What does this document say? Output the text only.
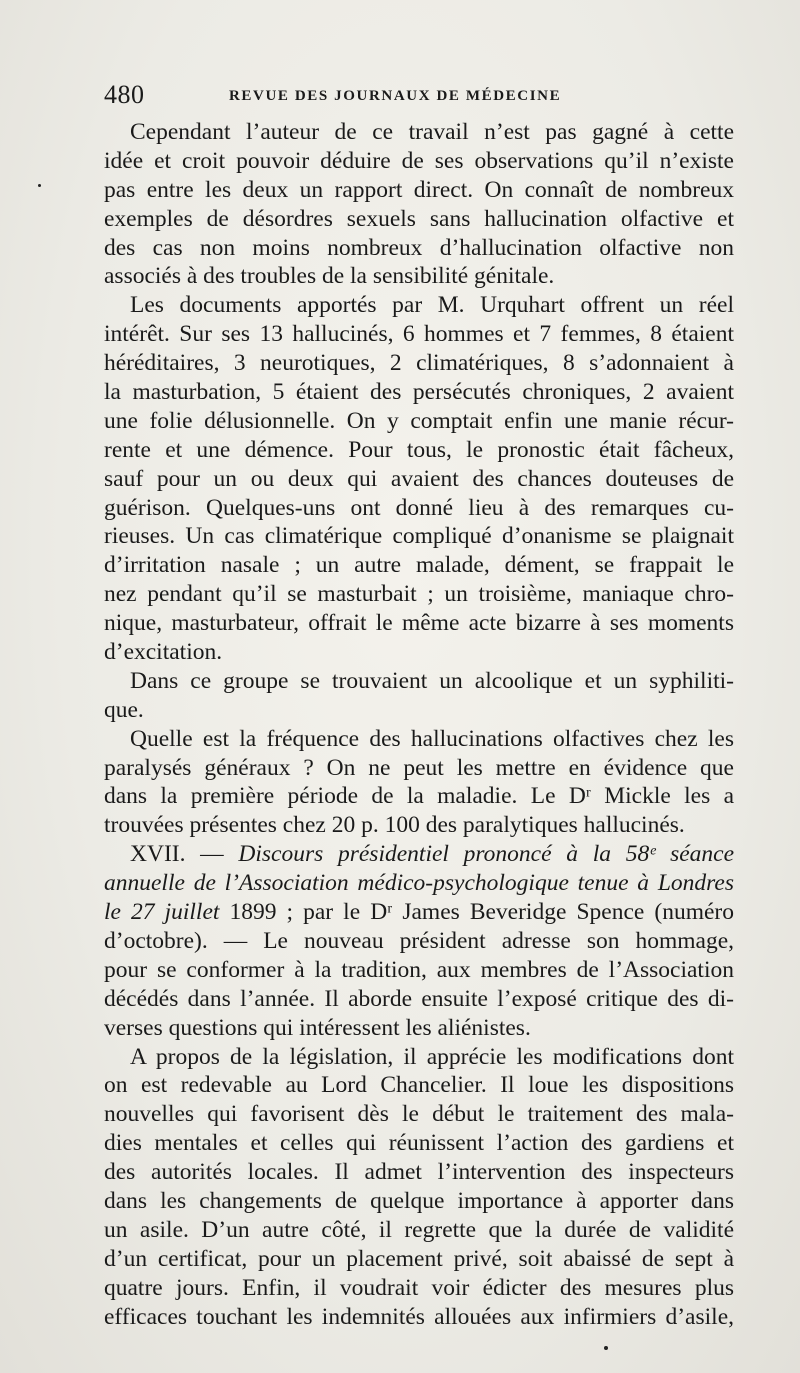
480	REVUE DES JOURNAUX DE MÉDECINE
Cependant l’auteur de ce travail n’est pas gagné à cette
idée et croit pouvoir déduire de ses observations qu’il n’existe
pas entre les deux un rapport direct. On connaît de nombreux
exemples de désordres sexuels sans hallucination olfactive et
des cas non moins nombreux d’hallucination olfactive non
associés à des troubles de la sensibilité génitale.
Les documents apportés par M. Urquhart offrent un réel
intérêt. Sur ses 13 hallucinés, 6 hommes et 7 femmes, 8 étaient
héréditaires, 3 neurotiques, 2 climatériques, 8 s’adonnaient à
la masturbation, 5 étaient des persécutés chroniques, 2 avaient
une folie délusionnelle. On y comptait enfin une manie récur-
rente et une démence. Pour tous, le pronostic était fâcheux,
sauf pour un ou deux qui avaient des chances douteuses de
guérison. Quelques-uns ont donné lieu à des remarques cu-
rieuses. Un cas climatérique compliqué d’onanisme se plaignait
d’irritation nasale ; un autre malade, dément, se frappait le
nez pendant qu’il se masturbait ; un troisième, maniaque chro-
nique, masturbateur, offrait le même acte bizarre à ses moments
d’excitation.
Dans ce groupe se trouvaient un alcoolique et un syphiliti-
que.
Quelle est la fréquence des hallucinations olfactives chez les
paralysés généraux ? On ne peut les mettre en évidence que
dans la première période de la maladie. Le Dʳ Mickle les a
trouvées présentes chez 20 p. 100 des paralytiques hallucinés.
XVII. — Discours présidentiel prononcé à la 58ᵉ séance
annuelle de l’Association médico-psychologique tenue à Londres
le 27 juillet 1899 ; par le Dʳ James Beveridge Spence (numéro
d’octobre). — Le nouveau président adresse son hommage,
pour se conformer à la tradition, aux membres de l’Association
décédés dans l’année. Il aborde ensuite l’exposé critique des di-
verses questions qui intéressent les aliénistes.
A propos de la législation, il apprécie les modifications dont
on est redevable au Lord Chancelier. Il loue les dispositions
nouvelles qui favorisent dès le début le traitement des mala-
dies mentales et celles qui réunissent l’action des gardiens et
des autorités locales. Il admet l’intervention des inspecteurs
dans les changements de quelque importance à apporter dans
un asile. D’un autre côté, il regrette que la durée de validité
d’un certificat, pour un placement privé, soit abaissé de sept à
quatre jours. Enfin, il voudrait voir édicter des mesures plus
efficaces touchant les indemnités allouées aux infirmiers d’asile,
